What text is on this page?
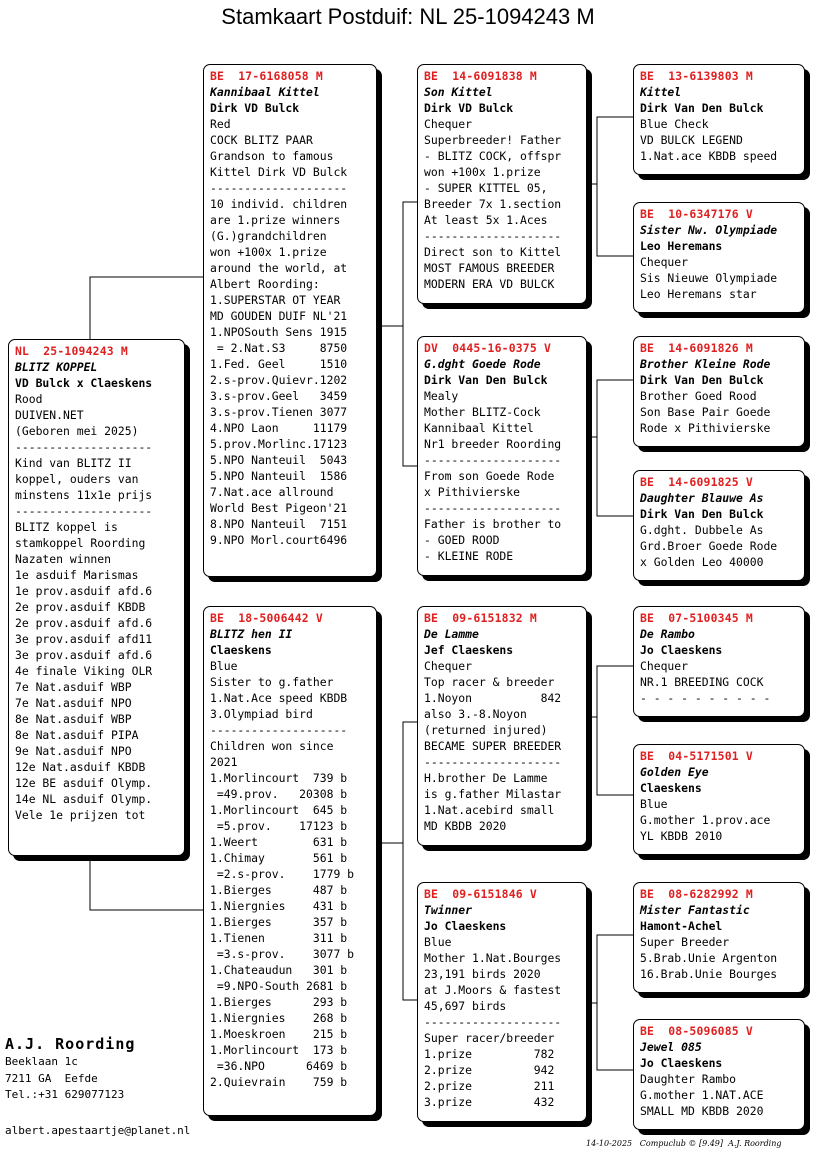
Stamkaart Postduif: NL 25-1094243 M
NL  25-1094243 M
BLITZ KOPPEL
VD Bulck x Claeskens
Rood
DUIVEN.NET
(Geboren mei 2025)
--------------------
Kind van BLITZ II
koppel, ouders van
minstens 11x1e prijs
--------------------
BLITZ koppel is
stamkoppel Roording
Nazaten winnen
1e asduif Marismas
1e prov.asduif afd.6
2e prov.asduif KBDB
2e prov.asduif afd.6
3e prov.asduif afd11
3e prov.asduif afd.6
4e finale Viking OLR
7e Nat.asduif WBP
7e Nat.asduif NPO
8e Nat.asduif WBP
8e Nat.asduif PIPA
9e Nat.asduif NPO
12e Nat.asduif KBDB
12e BE asduif Olymp.
14e NL asduif Olymp.
Vele 1e prijzen tot
BE  17-6168058 M
Kannibaal Kittel
Dirk VD Bulck
Red
COCK BLITZ PAAR
Grandson to famous
Kittel Dirk VD Bulck
--------------------
10 individ. children
are 1.prize winners
(G.)grandchildren
won +100x 1.prize
around the world, at
Albert Roording:
1.SUPERSTAR OT YEAR
MD GOUDEN DUIF NL'21
1.NPOSouth Sens 1915
= 2.Nat.S3     8750
1.Fed. Geel     1510
2.s-prov.Quievr.1202
3.s-prov.Geel   3459
3.s-prov.Tienen 3077
4.NPO Laon     11179
5.prov.Morlinc.17123
5.NPO Nanteuil  5043
5.NPO Nanteuil  1586
7.Nat.ace allround
World Best Pigeon'21
8.NPO Nanteuil  7151
9.NPO Morl.court6496
BE  18-5006442 V
BLITZ hen II
Claeskens
Blue
Sister to g.father
1.Nat.Ace speed KBDB
3.Olympiad bird
--------------------
Children won since
2021
1.Morlincourt  739 b
=49.prov.   20308 b
1.Morlincourt  645 b
=5.prov.    17123 b
1.Weert        631 b
1.Chimay       561 b
=2.s-prov.    1779 b
1.Bierges      487 b
1.Niergnies    431 b
1.Bierges      357 b
1.Tienen       311 b
=3.s-prov.    3077 b
1.Chateaudun   301 b
=9.NPO-South 2681 b
1.Bierges      293 b
1.Niergnies    268 b
1.Moeskroen    215 b
1.Morlincourt  173 b
=36.NPO      6469 b
2.Quievrain    759 b
BE  14-6091838 M
Son Kittel
Dirk VD Bulck
Chequer
Superbreeder! Father
- BLITZ COCK, offspr
won +100x 1.prize
- SUPER KITTEL 05,
Breeder 7x 1.section
At least 5x 1.Aces
--------------------
Direct son to Kittel
MOST FAMOUS BREEDER
MODERN ERA VD BULCK
DV  0445-16-0375 V
G.dght Goede Rode
Dirk Van Den Bulck
Mealy
Mother BLITZ-Cock
Kannibaal Kittel
Nr1 breeder Roording
--------------------
From son Goede Rode
x Pithivierske
--------------------
Father is brother to
- GOED ROOD
- KLEINE RODE
BE  09-6151832 M
De Lamme
Jef Claeskens
Chequer
Top racer & breeder
1.Noyon          842
also 3.-8.Noyon
(returned injured)
BECAME SUPER BREEDER
--------------------
H.brother De Lamme
is g.father Milastar
1.Nat.acebird small
MD KBDB 2020
BE  09-6151846 V
Twinner
Jo Claeskens
Blue
Mother 1.Nat.Bourges
23,191 birds 2020
at J.Moors & fastest
45,697 birds
--------------------
Super racer/breeder
1.prize         782
2.prize         942
2.prize         211
3.prize         432
BE  13-6139803 M
Kittel
Dirk Van Den Bulck
Blue Check
VD BULCK LEGEND
1.Nat.ace KBDB speed
BE  10-6347176 V
Sister Nw. Olympiade
Leo Heremans
Chequer
Sis Nieuwe Olympiade
Leo Heremans star
BE  14-6091826 M
Brother Kleine Rode
Dirk Van Den Bulck
Brother Goed Rood
Son Base Pair Goede
Rode x Pithivierske
BE  14-6091825 V
Daughter Blauwe As
Dirk Van Den Bulck
G.dght. Dubbele As
Grd.Broer Goede Rode
x Golden Leo 40000
BE  07-5100345 M
De Rambo
Jo Claeskens
Chequer
NR.1 BREEDING COCK
- - - - - - - - - -
BE  04-5171501 V
Golden Eye
Claeskens
Blue
G.mother 1.prov.ace
YL KBDB 2010
BE  08-6282992 M
Mister Fantastic
Hamont-Achel
Super Breeder
5.Brab.Unie Argenton
16.Brab.Unie Bourges
BE  08-5096085 V
Jewel 085
Jo Claeskens
Daughter Rambo
G.mother 1.NAT.ACE
SMALL MD KBDB 2020
A.J. Roording
Beeklaan 1c
7211 GA  Eefde
Tel.:+31 629077123
albert.apestaartje@planet.nl
14-10-2025   Compuclub © [9.49]  A.J. Roording
